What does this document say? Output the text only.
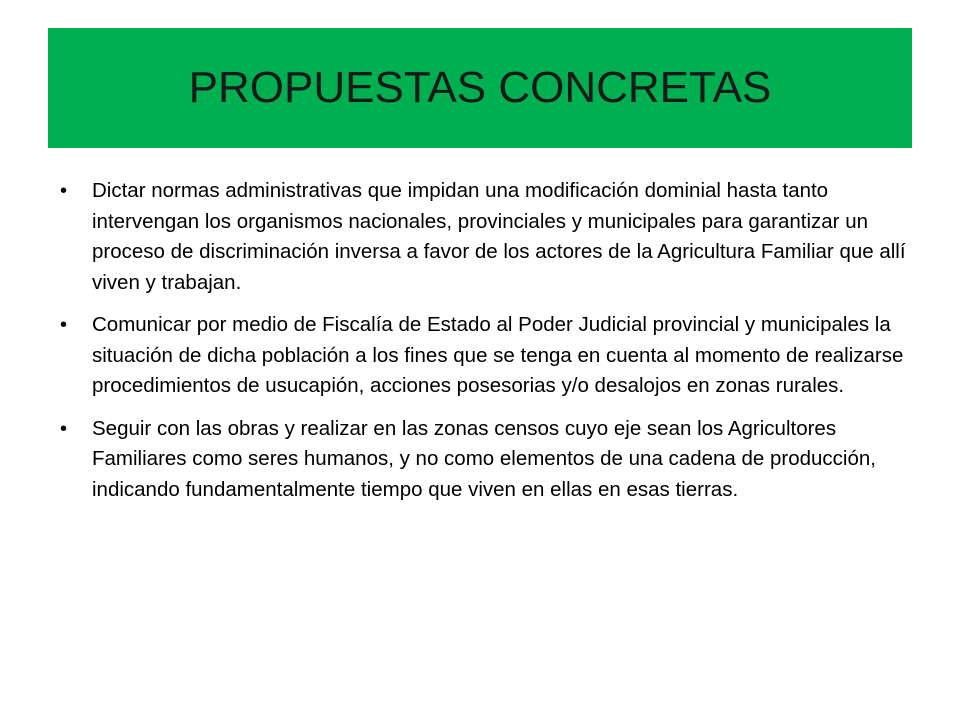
PROPUESTAS CONCRETAS
• Dictar normas administrativas que impidan una modificación dominial hasta tanto intervengan los organismos nacionales, provinciales y municipales para garantizar un proceso de discriminación inversa a favor de los actores de la Agricultura Familiar que allí viven y trabajan.
• Comunicar por medio de Fiscalía de Estado al Poder Judicial provincial y municipales la situación de dicha población a los fines que se tenga en cuenta al momento de realizarse procedimientos de usucapión, acciones posesorias y/o desalojos en zonas rurales.
• Seguir con las obras y realizar en las zonas censos cuyo eje sean los Agricultores Familiares como seres humanos, y no como elementos de una cadena de producción, indicando fundamentalmente tiempo que viven en ellas en esas tierras.
